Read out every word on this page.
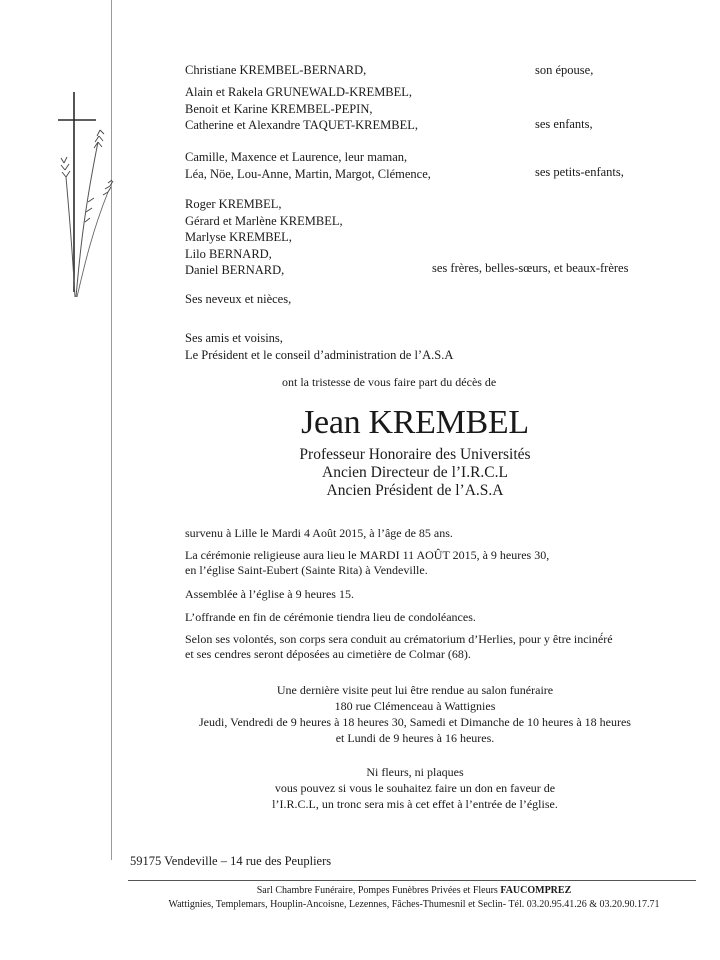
Christiane KREMBEL-BERNARD,	son épouse,
Alain et Rakela GRUNEWALD-KREMBEL,
Benoit et Karine KREMBEL-PEPIN,
Catherine et Alexandre TAQUET-KREMBEL,	ses enfants,
Camille, Maxence et Laurence, leur maman,
Léa, Nöe, Lou-Anne, Martin, Margot, Clémence,	ses petits-enfants,
Roger KREMBEL,
Gérard et Marlène KREMBEL,
Marlyse KREMBEL,
Lilo BERNARD,
Daniel BERNARD,	ses frères, belles-sœurs, et beaux-frères
Ses neveux et nièces,
Ses amis et voisins,
Le Président et le conseil d’administration de l’A.S.A
ont la tristesse de vous faire part du décès de
Jean KREMBEL
Professeur Honoraire des Universités
Ancien Directeur de l’I.R.C.L
Ancien Président de l’A.S.A

survenu à Lille le Mardi 4 Août 2015, à l’âge de 85 ans.

La cérémonie religieuse aura lieu le MARDI 11 AOÛT 2015, à 9 heures 30,

en l’église Saint-Eubert (Sainte Rita) à Vendeville.

Assemblée à l’église à 9 heures 15.

L’offrande en fin de cérémonie tiendra lieu de condoléances.

Selon ses volontés, son corps sera conduit au crématorium d’Herlies, pour y être inciné́ré

et ses cendres seront déposées au cimetière de Colmar (68).

Une dernière visite peut lui être rendue au salon funéraire
180 rue Clémenceau à Wattignies
Jeudi, Vendredi de 9 heures à 18 heures 30, Samedi et Dimanche de 10 heures à 18 heures
et Lundi de 9 heures à 16 heures.
Ni fleurs, ni plaques
vous pouvez si vous le souhaitez faire un don en faveur de
l’I.R.C.L, un tronc sera mis à cet effet à l’entrée de l’église.
59175 Vendeville – 14 rue des Peupliers
Sarl Chambre Funéraire, Pompes Funèbres Privées et Fleurs FAUCOMPREZ
Wattignies, Templemars, Houplin-Ancoisne, Lezennes, Fâches-Thumesnil et Seclin- Tél. 03.20.95.41.26 & 03.20.90.17.71
